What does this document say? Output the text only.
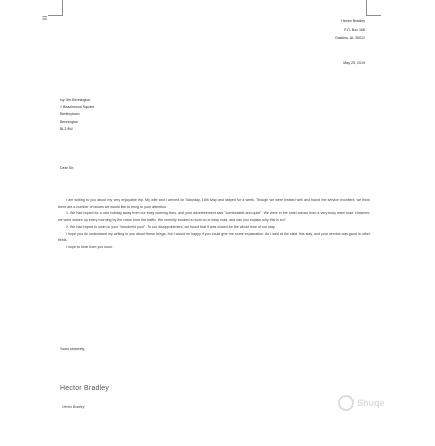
≡	Hector Bradley
P.O. Box 168
Gaskins, AL 35012
May 25, 2019
Ivy Jim Bennington
1 Beachwood Square
Bentleytown
Bennington
BL3 8W
Dear Sir,

I am writing to you about my very enjoyable trip. My wife and I arrived on Saturday, 15th May and stayed for a week. Though we were treated well and found the service excellent, we think there are a number of issues we would like to bring to your attention.

1. We had hoped for a nice holiday away from our busy working lives, and your advertisement said "comfortable and quiet". We were in the hotel across from a very busy main road. However, we were woken up every morning by the noise from the traffic. We recently booked a room on a noisy road, and can you explain why this is so?

2. We had hoped to swim in your "wonderful pool". To our disappointment, we found that it was closed for the whole time of our stay.

I hope you do understand my writing to you about these things, but I would be happy if you could give me some explanation. As I said at the start, this stay, and your service was good in other fields.

I hope to hear from you soon.

Yours sincerely,
Hector Bradley
Hector Bradley	Shuqe
